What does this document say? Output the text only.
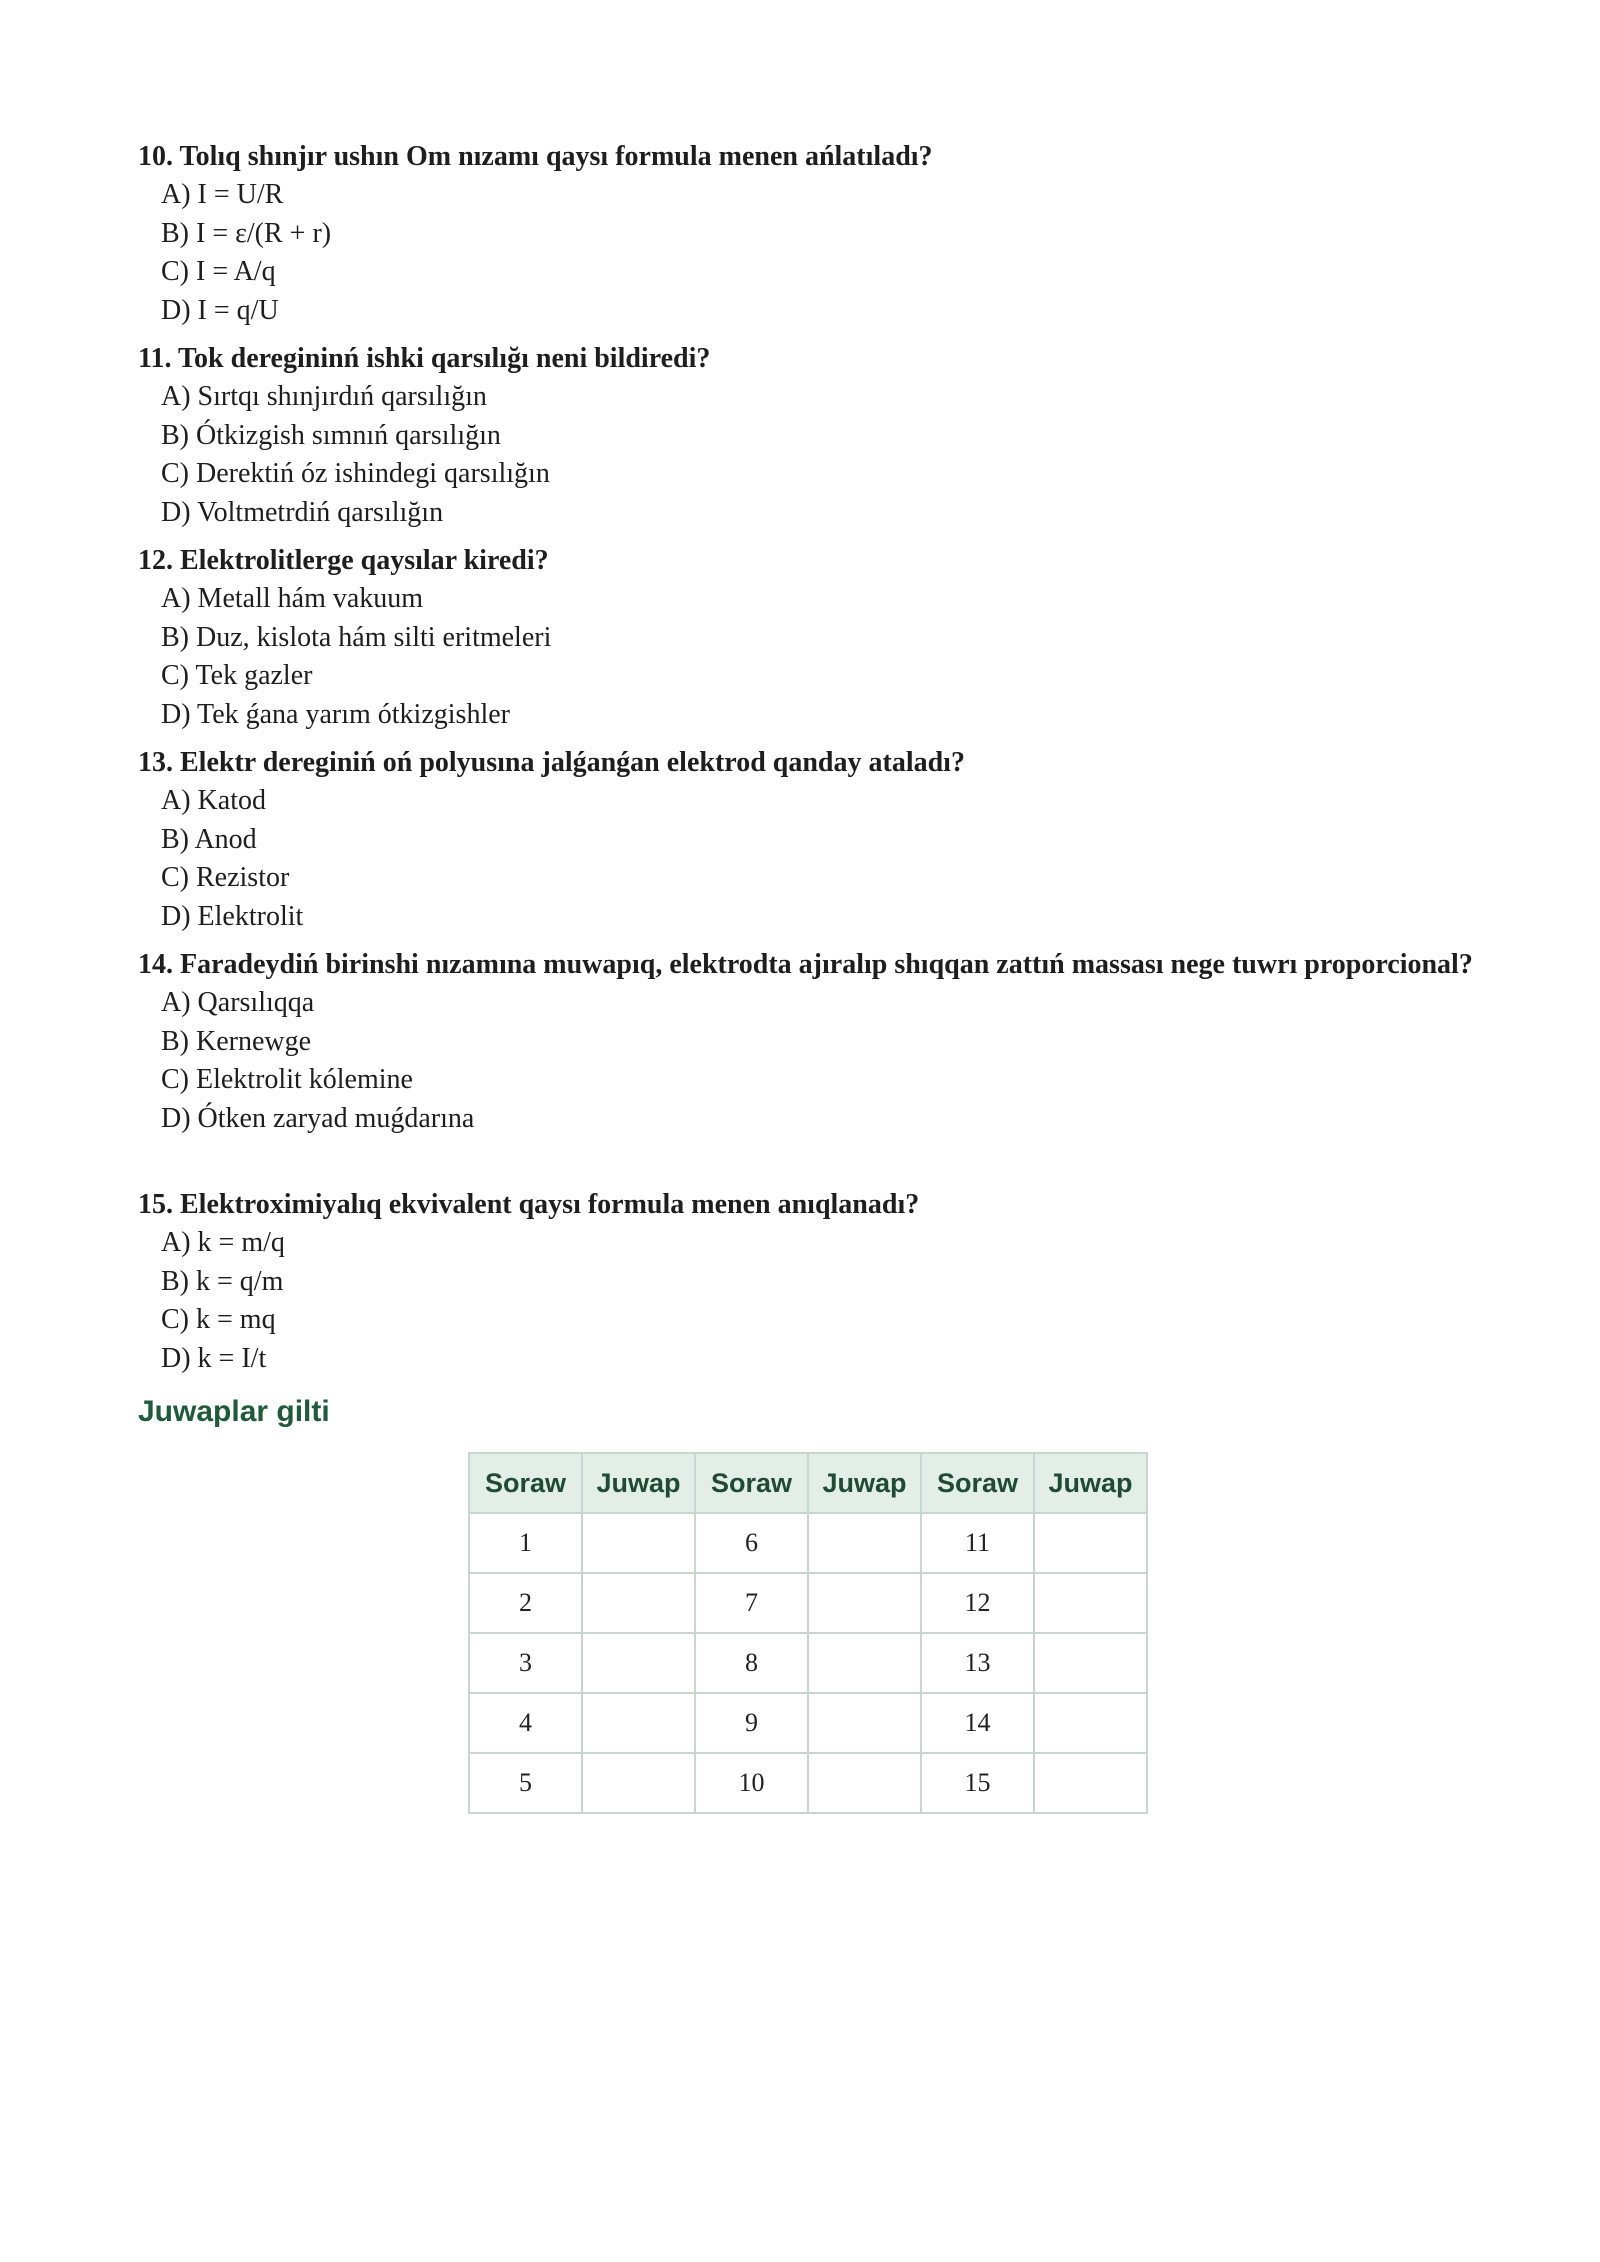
10. Tolıq shınjır ushın Om nızamı qaysı formula menen ańlatıladı?

A) I = U/R

B) I = ε/(R + r)

C) I = A/q

D) I = q/U

11. Tok deregininń ishki qarsılığı neni bildiredi?

A) Sırtqı shınjırdıń qarsılığın

B) Ótkizgish sımnıń qarsılığın

C) Derektiń óz ishindegi qarsılığın

D) Voltmetrdiń qarsılığın

12. Elektrolitlerge qaysılar kiredi?

A) Metall hám vakuum

B) Duz, kislota hám silti eritmeleri

C) Tek gazler

D) Tek ǵana yarım ótkizgishler

13. Elektr dereginiń oń polyusına jalǵanǵan elektrod qanday ataladı?

A) Katod

B) Anod

C) Rezistor

D) Elektrolit

14. Faradeydiń birinshi nızamına muwapıq, elektrodta ajıralıp shıqqan zattıń massası nege tuwrı proporcional?

A) Qarsılıqqa

B) Kernewge

C) Elektrolit kólemine

D) Ótken zaryad muǵdarına

15. Elektroximiyalıq ekvivalent qaysı formula menen anıqlanadı?

A) k = m/q

B) k = q/m

C) k = mq

D) k = I/t

Juwaplar gilti
Soraw	Juwap	Soraw	Juwap	Soraw	Juwap
1		6		11	
2		7		12	
3		8		13	
4		9		14	
5		10		15	
